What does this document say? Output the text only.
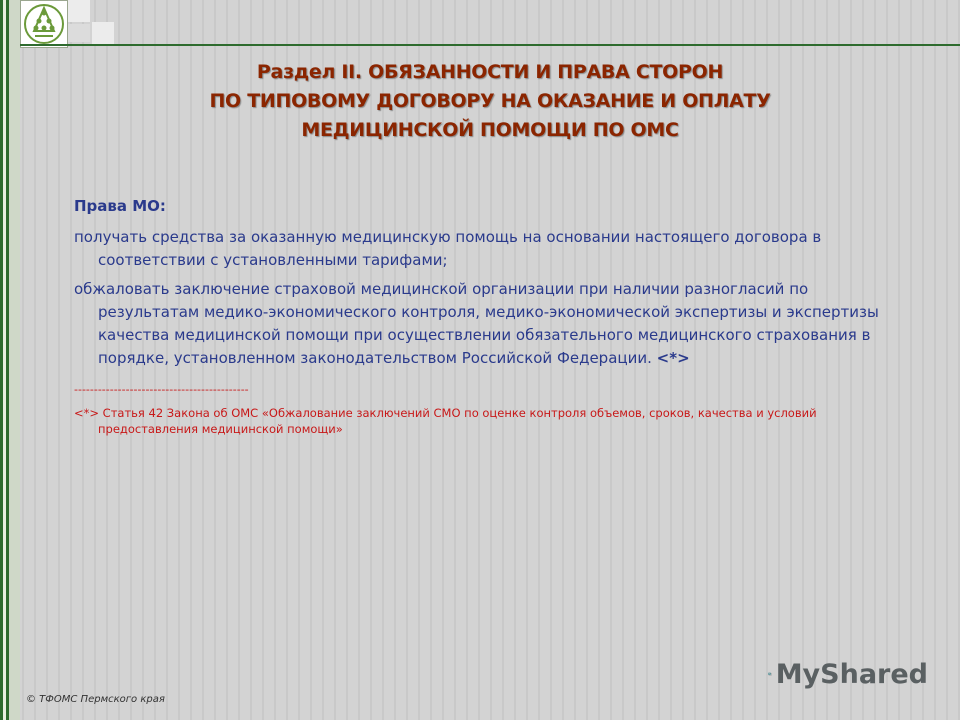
Раздел II. ОБЯЗАННОСТИ И ПРАВА СТОРОН
ПО ТИПОВОМУ ДОГОВОРУ НА ОКАЗАНИЕ И ОПЛАТУ
МЕДИЦИНСКОЙ ПОМОЩИ ПО ОМС
Права МО:

получать средства за оказанную медицинскую помощь на основании настоящего договора в соответствии с установленными тарифами;

обжаловать заключение страховой медицинской организации при наличии разногласий по результатам медико-экономического контроля, медико-экономической экспертизы и экспертизы качества медицинской помощи при осуществлении обязательного медицинского страхования в порядке, установленном законодательством Российской Федерации. <*>

--------------------------------------------
<*> Статья 42 Закона об ОМС «Обжалование заключений СМО по оценке контроля объемов, сроков, качества и условий предоставления медицинской помощи»
© ТФОМС Пермского края
MyShared
